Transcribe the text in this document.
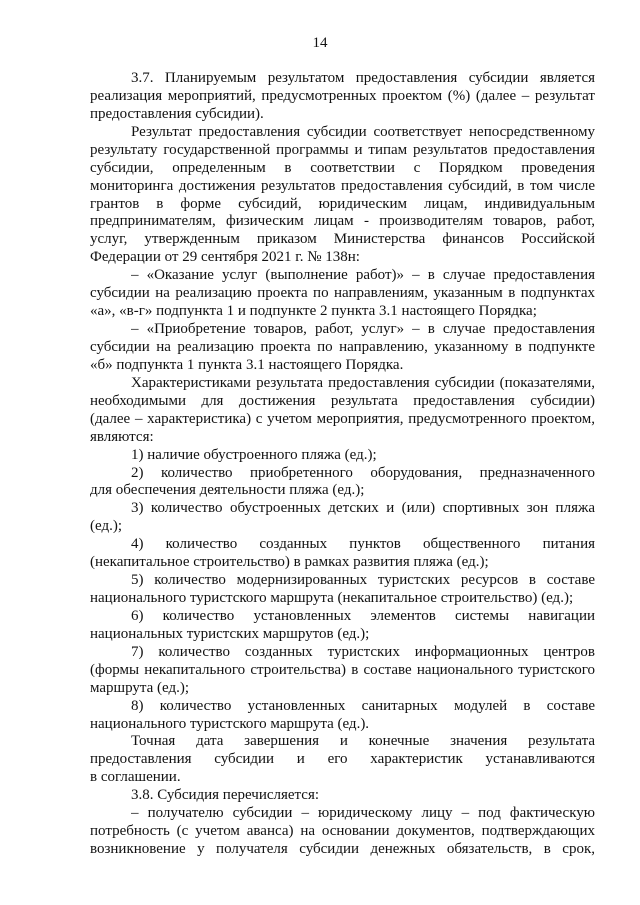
14
3.7. Планируемым результатом предоставления субсидии является
реализация мероприятий, предусмотренных проектом (%) (далее – результат
предоставления субсидии).
Результат предоставления субсидии соответствует непосредственному
результату государственной программы и типам результатов предоставления
субсидии, определенным в соответствии с Порядком проведения
мониторинга достижения результатов предоставления субсидий, в том числе
грантов в форме субсидий, юридическим лицам, индивидуальным
предпринимателям, физическим лицам - производителям товаров, работ,
услуг, утвержденным приказом Министерства финансов Российской
Федерации от 29 сентября 2021 г. № 138н:
– «Оказание услуг (выполнение работ)» – в случае предоставления
субсидии на реализацию проекта по направлениям, указанным в подпунктах
«а», «в-г» подпункта 1 и подпункте 2 пункта 3.1 настоящего Порядка;
– «Приобретение товаров, работ, услуг» – в случае предоставления
субсидии на реализацию проекта по направлению, указанному в подпункте
«б» подпункта 1 пункта 3.1 настоящего Порядка.
Характеристиками результата предоставления субсидии (показателями,
необходимыми для достижения результата предоставления субсидии)
(далее – характеристика) с учетом мероприятия, предусмотренного проектом,
являются:
1) наличие обустроенного пляжа (ед.);
2) количество приобретенного оборудования, предназначенного
для обеспечения деятельности пляжа (ед.);
3) количество обустроенных детских и (или) спортивных зон пляжа
(ед.);
4) количество созданных пунктов общественного питания
(некапитальное строительство) в рамках развития пляжа (ед.);
5) количество модернизированных туристских ресурсов в составе
национального туристского маршрута (некапитальное строительство) (ед.);
6) количество установленных элементов системы навигации
национальных туристских маршрутов (ед.);
7) количество созданных туристских информационных центров
(формы некапитального строительства) в составе национального туристского
маршрута (ед.);
8) количество установленных санитарных модулей в составе
национального туристского маршрута (ед.).
Точная дата завершения и конечные значения результата
предоставления субсидии и его характеристик устанавливаются
в соглашении.
3.8. Субсидия перечисляется:
– получателю субсидии – юридическому лицу – под фактическую
потребность (с учетом аванса) на основании документов, подтверждающих
возникновение у получателя субсидии денежных обязательств, в срок,
